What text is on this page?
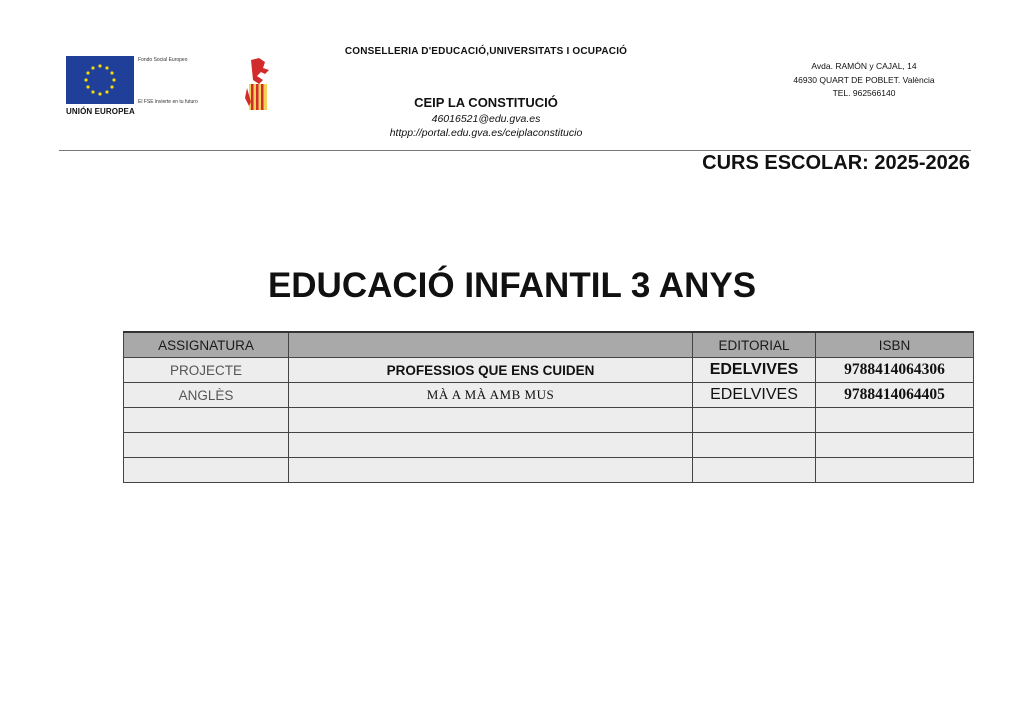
UNIÓN EUROPEA
Fondo Social Europeo
El FSE invierte en tu futuro
CONSELLERIA D'EDUCACIÓ,UNIVERSITATS I OCUPACIÓ
CEIP LA CONSTITUCIÓ
46016521@edu.gva.es
httpp://portal.edu.gva.es/ceiplaconstitucio
Avda. RAMÓN y CAJAL, 14
46930 QUART DE POBLET. València
TEL. 962566140
CURS ESCOLAR: 2025-2026
EDUCACIÓ INFANTIL 3 ANYS
ASSIGNATURA		EDITORIAL	ISBN
PROJECTE	PROFESSIOS QUE ENS CUIDEN	EDELVIVES	9788414064306
ANGLÈS	MÀ A MÀ AMB MUS	EDELVIVES	9788414064405
